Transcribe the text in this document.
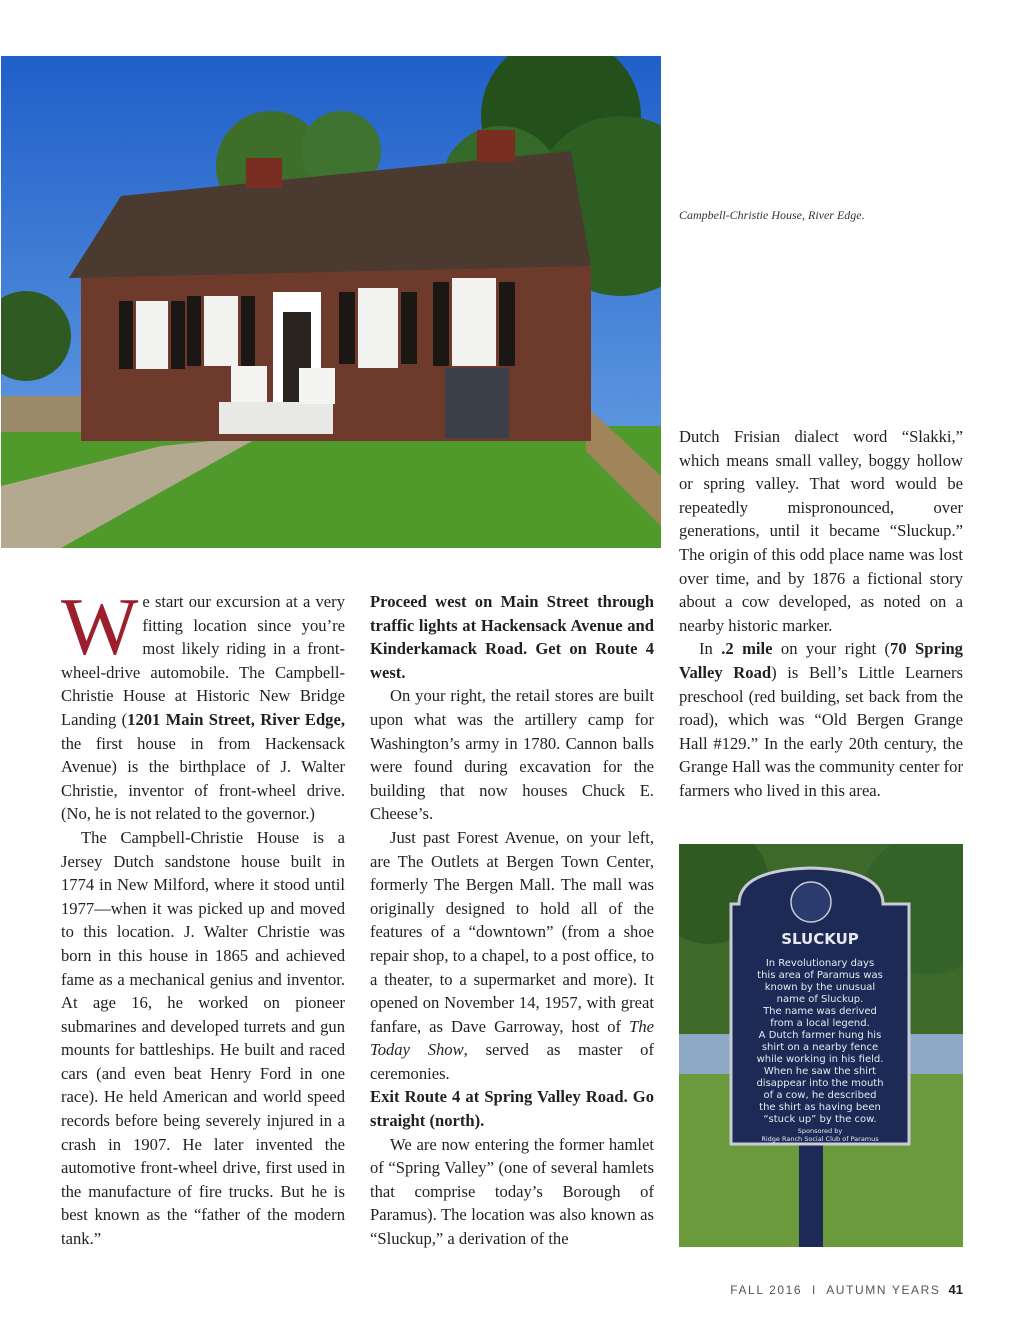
Campbell-Christie House, River Edge.

We start our excursion at a very fitting location since you’re most likely riding in a front-wheel-drive automobile. The Campbell-Christie House at Historic New Bridge Landing (1201 Main Street, River Edge, the first house in from Hackensack Avenue) is the birthplace of J. Walter Christie, inventor of front-wheel drive. (No, he is not related to the governor.)

The Campbell-Christie House is a Jersey Dutch sandstone house built in 1774 in New Milford, where it stood until 1977—when it was picked up and moved to this location. J. Walter Christie was born in this house in 1865 and achieved fame as a mechanical genius and inventor. At age 16, he worked on pioneer submarines and developed turrets and gun mounts for battleships. He built and raced cars (and even beat Henry Ford in one race). He held American and world speed records before being severely injured in a crash in 1907. He later invented the automotive front-wheel drive, first used in the manufacture of fire trucks. But he is best known as the “father of the modern tank.”

Proceed west on Main Street through traffic lights at Hackensack Avenue and Kinderkamack Road. Get on Route 4 west.

On your right, the retail stores are built upon what was the artillery camp for Washington’s army in 1780. Cannon balls were found during excavation for the building that now houses Chuck E. Cheese’s.

Just past Forest Avenue, on your left, are The Outlets at Bergen Town Center, formerly The Bergen Mall. The mall was originally designed to hold all of the features of a “downtown” (from a shoe repair shop, to a chapel, to a post office, to a theater, to a supermarket and more). It opened on November 14, 1957, with great fanfare, as Dave Garroway, host of The Today Show, served as master of ceremonies.

Exit Route 4 at Spring Valley Road. Go straight (north).

We are now entering the former hamlet of “Spring Valley” (one of several hamlets that comprise today’s Borough of Paramus). The location was also known as “Sluckup,” a derivation of the

Dutch Frisian dialect word “Slakki,” which means small valley, boggy hollow or spring valley. That word would be repeatedly mispronounced, over generations, until it became “Sluckup.” The origin of this odd place name was lost over time, and by 1876 a fictional story about a cow developed, as noted on a nearby historic marker.

In .2 mile on your right (70 Spring Valley Road) is Bell’s Little Learners preschool (red building, set back from the road), which was “Old Bergen Grange Hall #129.” In the early 20th century, the Grange Hall was the community center for farmers who lived in this area.

SLUCKUP
In Revolutionary days
this area of Paramus was
known by the unusual
name of Sluckup.
The name was derived
from a local legend.
A Dutch farmer hung his
shirt on a nearby fence
while working in his field.
When he saw the shirt
disappear into the mouth
of a cow, he described
the shirt as having been
“stuck up” by the cow.
Sponsored by
Ridge Ranch Social Club of Paramus
FALL 2016  I  AUTUMN YEARS 41
